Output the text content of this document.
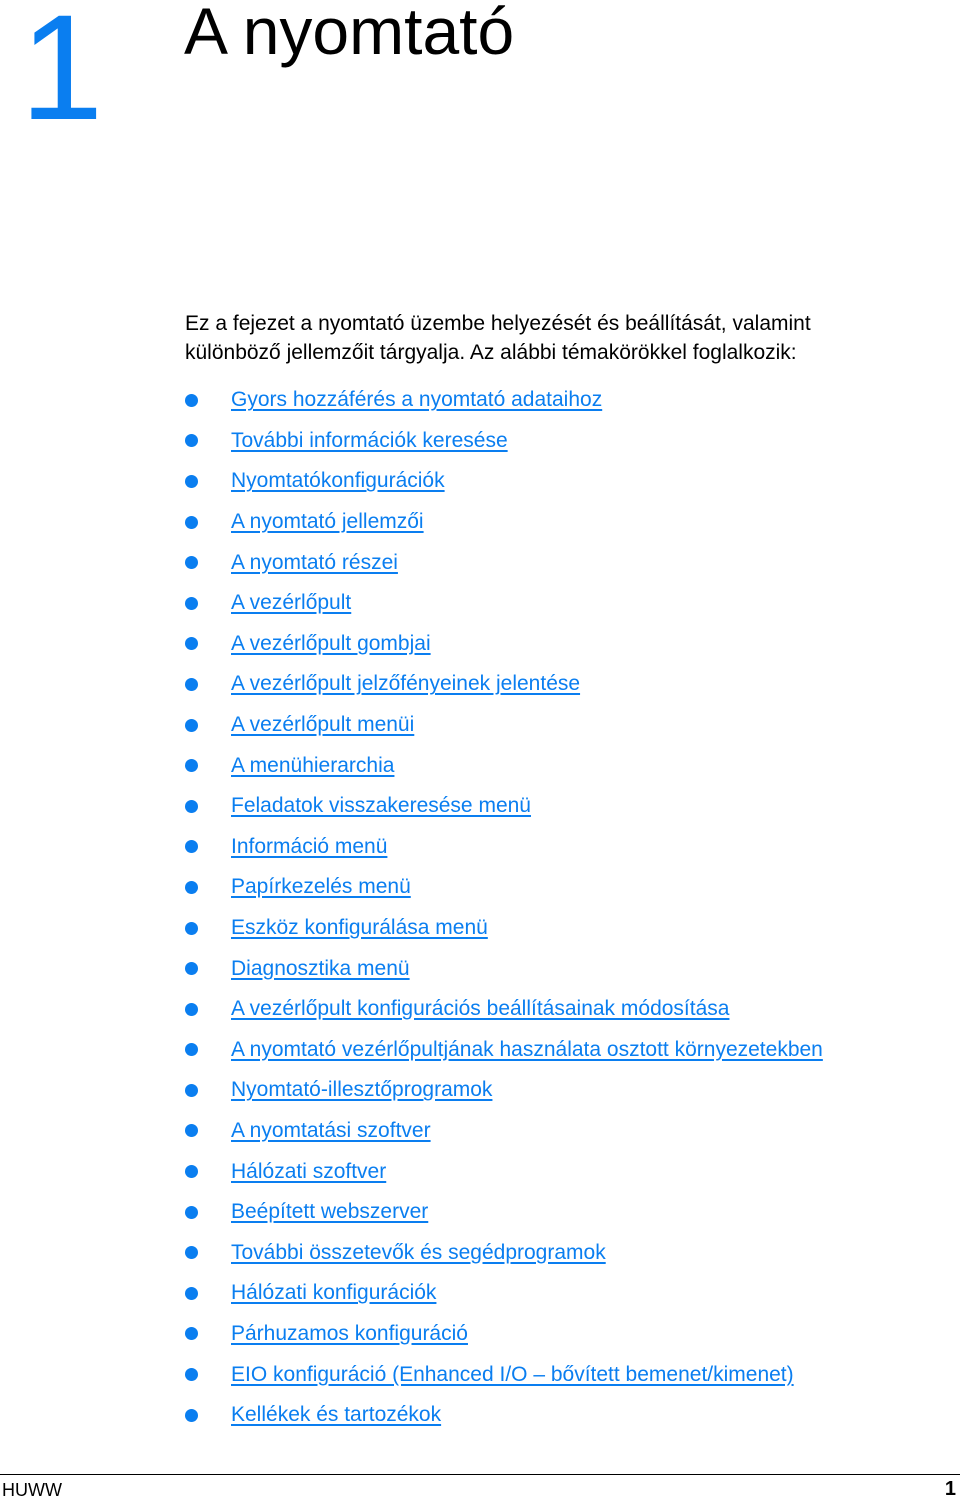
1 A nyomtató

Ez a fejezet a nyomtató üzembe helyezését és beállítását, valamint különböző jellemzőit tárgyalja. Az alábbi témakörökkel foglalkozik:

Gyors hozzáférés a nyomtató adataihoz
További információk keresése
Nyomtatókonfigurációk
A nyomtató jellemzői
A nyomtató részei
A vezérlőpult
A vezérlőpult gombjai
A vezérlőpult jelzőfényeinek jelentése
A vezérlőpult menüi
A menühierarchia
Feladatok visszakeresése menü
Információ menü
Papírkezelés menü
Eszköz konfigurálása menü
Diagnosztika menü
A vezérlőpult konfigurációs beállításainak módosítása
A nyomtató vezérlőpultjának használata osztott környezetekben
Nyomtató-illesztőprogramok
A nyomtatási szoftver
Hálózati szoftver
Beépített webszerver
További összetevők és segédprogramok
Hálózati konfigurációk
Párhuzamos konfiguráció
EIO konfiguráció (Enhanced I/O – bővített bemenet/kimenet)
Kellékek és tartozékok
HUWW	1
